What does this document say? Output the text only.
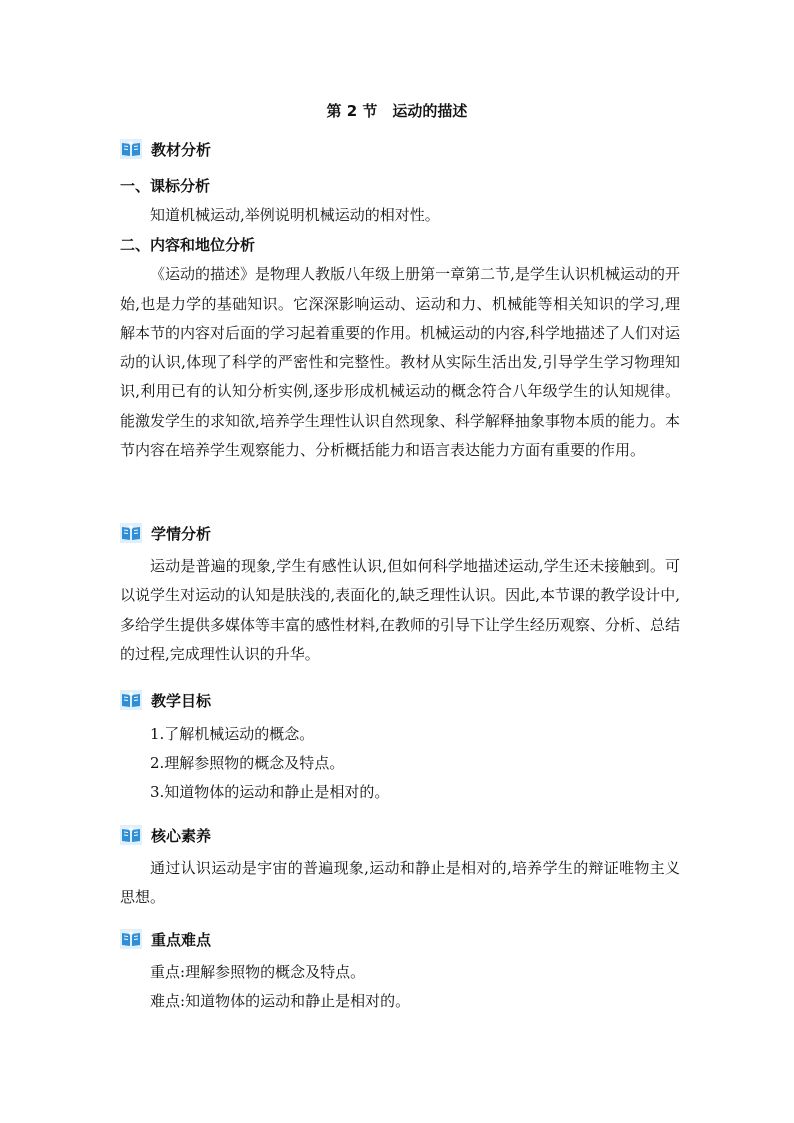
第 2 节　运动的描述
教材分析
一、课标分析

知道机械运动,举例说明机械运动的相对性。

二、内容和地位分析

《运动的描述》是物理人教版八年级上册第一章第二节,是学生认识机械运动的开始,也是力学的基础知识。它深深影响运动、运动和力、机械能等相关知识的学习,理解本节的内容对后面的学习起着重要的作用。机械运动的内容,科学地描述了人们对运动的认识,体现了科学的严密性和完整性。教材从实际生活出发,引导学生学习物理知识,利用已有的认知分析实例,逐步形成机械运动的概念符合八年级学生的认知规律。能激发学生的求知欲,培养学生理性认识自然现象、科学解释抽象事物本质的能力。本节内容在培养学生观察能力、分析概括能力和语言表达能力方面有重要的作用。

学情分析

运动是普遍的现象,学生有感性认识,但如何科学地描述运动,学生还未接触到。可以说学生对运动的认知是肤浅的,表面化的,缺乏理性认识。因此,本节课的教学设计中,多给学生提供多媒体等丰富的感性材料,在教师的引导下让学生经历观察、分析、总结的过程,完成理性认识的升华。

教学目标
1.了解机械运动的概念。
2.理解参照物的概念及特点。
3.知道物体的运动和静止是相对的。
核心素养

通过认识运动是宇宙的普遍现象,运动和静止是相对的,培养学生的辩证唯物主义思想。

重点难点
重点:理解参照物的概念及特点。
难点:知道物体的运动和静止是相对的。
